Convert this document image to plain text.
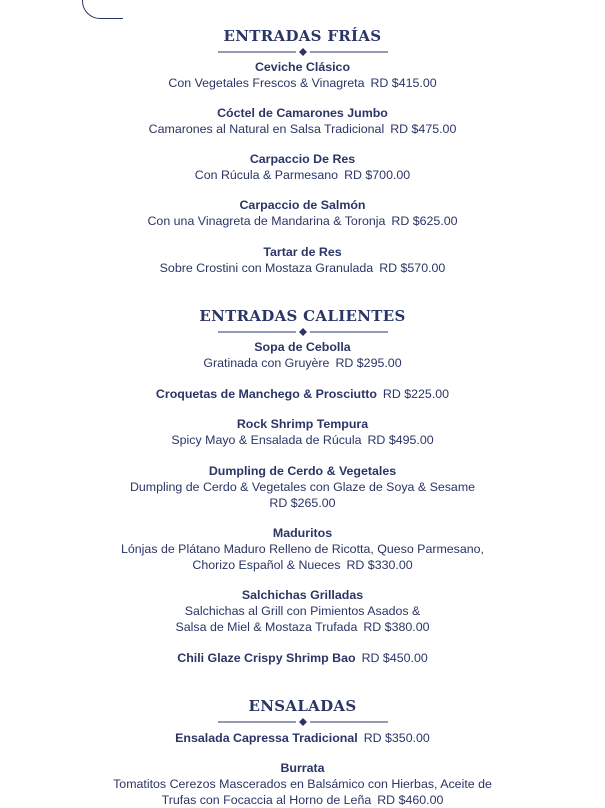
ENTRADAS FRÍAS
Ceviche Clásico
Con Vegetales Frescos & Vinagreta RD $415.00
Cóctel de Camarones Jumbo
Camarones al Natural en Salsa Tradicional RD $475.00
Carpaccio De Res
Con Rúcula & Parmesano RD $700.00
Carpaccio de Salmón
Con una Vinagreta de Mandarina & Toronja RD $625.00
Tartar de Res
Sobre Crostini con Mostaza Granulada RD $570.00
ENTRADAS CALIENTES
Sopa de Cebolla
Gratinada con Gruyère RD $295.00
Croquetas de Manchego & Prosciutto RD $225.00
Rock Shrimp Tempura
Spicy Mayo & Ensalada de Rúcula RD $495.00
Dumpling de Cerdo & Vegetales
Dumpling de Cerdo & Vegetales con Glaze de Soya & Sesame
RD $265.00
Maduritos
Lónjas de Plátano Maduro Relleno de Ricotta, Queso Parmesano,
Chorizo Español & Nueces RD $330.00
Salchichas Grilladas
Salchichas al Grill con Pimientos Asados &
Salsa de Miel & Mostaza Trufada RD $380.00
Chili Glaze Crispy Shrimp Bao RD $450.00
ENSALADAS
Ensalada Capressa Tradicional RD $350.00
Burrata
Tomatitos Cerezos Mascerados en Balsámico con Hierbas, Aceite de
Trufas con Focaccia al Horno de Leña RD $460.00
